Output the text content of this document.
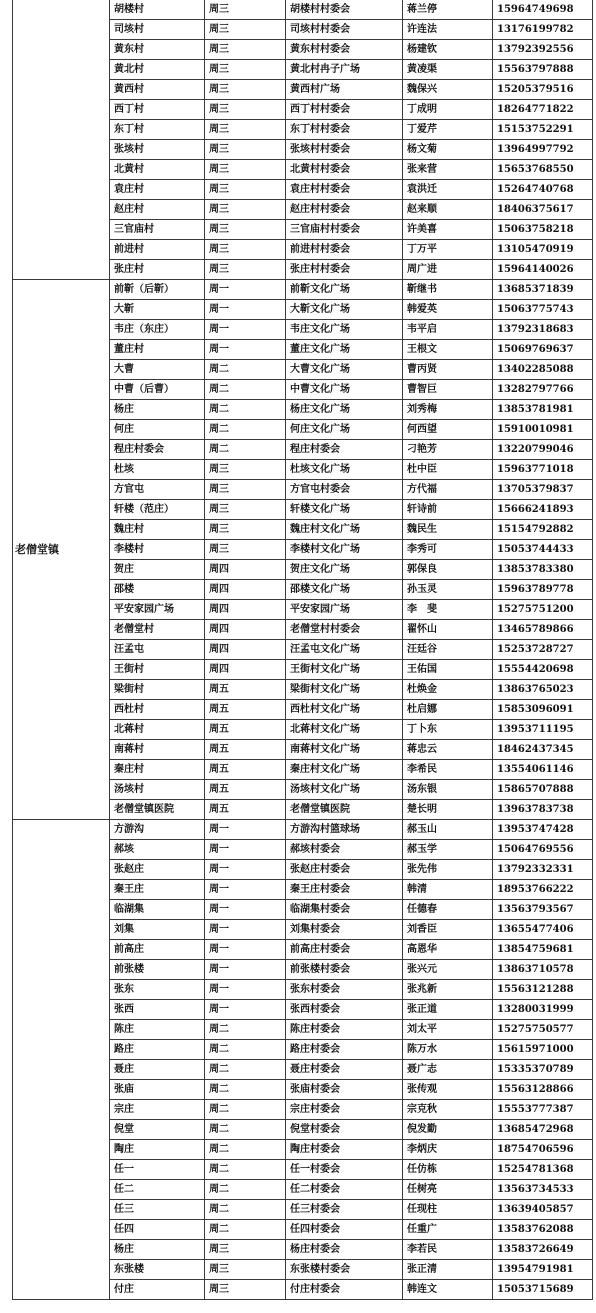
	胡楼村	周三	胡楼村村委会	蒋兰停	15964749698
	司垓村	周三	司垓村村委会	许连法	13176199782
	黄东村	周三	黄东村村委会	杨建钦	13792392556
	黄北村	周三	黄北村冉子广场	黄凌渠	15563797888
	黄西村	周三	黄西村广场	魏保兴	15205379516
	西丁村	周三	西丁村村委会	丁成明	18264771822
	东丁村	周三	东丁村村委会	丁爱芹	15153752291
	张垓村	周三	张垓村村委会	杨文菊	13964997792
	北黄村	周三	北黄村村委会	张来营	15653768550
	袁庄村	周三	袁庄村村委会	袁洪迁	15264740768
	赵庄村	周三	赵庄村村委会	赵来顺	18406375617
	三官庙村	周三	三官庙村村委会	许美喜	15063758218
	前进村	周三	前进村村委会	丁万平	13105470919
	张庄村	周三	张庄村村委会	周广进	15964140026
老僧堂镇	前靳（后靳）	周一	前靳文化广场	靳继书	13685371839
	大靳	周一	大靳文化广场	韩爱英	15063775743
	韦庄（东庄）	周一	韦庄文化广场	韦平启	13792318683
	董庄村	周一	董庄文化广场	王根文	15069769637
	大曹	周二	大曹文化广场	曹丙贤	13402285088
	中曹（后曹）	周二	中曹文化广场	曹智巨	13282797766
	杨庄	周二	杨庄文化广场	刘秀梅	13853781981
	何庄	周二	何庄文化广场	何西望	15910010981
	程庄村委会	周二	程庄村委会	刁艳芳	13220799046
	杜垓	周三	杜垓文化广场	杜中臣	15963771018
	方官屯	周三	方官屯村委会	方代福	13705379837
	轩楼（范庄）	周三	轩楼文化广场	轩诗前	15666241893
	魏庄村	周三	魏庄村文化广场	魏民生	15154792882
	李楼村	周三	李楼村文化广场	李秀可	15053744433
	贺庄	周四	贺庄文化广场	郭保良	13853783380
	邵楼	周四	邵楼文化广场	孙玉灵	15963789778
	平安家园广场	周四	平安家园广场	李　斐	15275751200
	老僧堂村	周四	老僧堂村村委会	翟怀山	13465789866
	汪孟屯	周四	汪孟屯文化广场	汪廷谷	15253728727
	王街村	周四	王街村文化广场	王佑国	15554420698
	梁街村	周五	梁街村文化广场	杜焕金	13863765023
	西杜村	周五	西杜村文化广场	杜启娜	15853096091
	北蒋村	周五	北蒋村文化广场	丁卜东	13953711195
	南蒋村	周五	南蒋村文化广场	蒋忠云	18462437345
	秦庄村	周五	秦庄村文化广场	李希民	13554061146
	汤垓村	周五	汤垓村文化广场	汤东银	15865707888
	老僧堂镇医院	周五	老僧堂镇医院	楚长明	13963783738
	方游沟	周一	方游沟村篮球场	郝玉山	13953747428
	郝垓	周一	郝垓村委会	郝玉学	15064769556
	张赵庄	周一	张赵庄村委会	张先伟	13792332331
	秦王庄	周一	秦王庄村委会	韩清	18953766222
	临湖集	周一	临湖集村委会	任德春	13563793567
	刘集	周一	刘集村委会	刘香臣	13655477406
	前高庄	周一	前高庄村委会	高恩华	13854759681
	前张楼	周一	前张楼村委会	张兴元	13863710578
	张东	周一	张东村委会	张兆新	15563121288
	张西	周一	张西村委会	张正道	13280031999
	陈庄	周二	陈庄村委会	刘太平	15275750577
	路庄	周二	路庄村委会	陈万水	15615971000
	聂庄	周二	聂庄村委会	聂广志	15335370789
	张庙	周二	张庙村委会	张传观	15563128866
	宗庄	周二	宗庄村委会	宗克秋	15553777387
	倪堂	周二	倪堂村委会	倪发勤	13685472968
	陶庄	周二	陶庄村委会	李炳庆	18754706596
	任一	周二	任一村委会	任仿栋	15254781368
	任二	周二	任二村委会	任树亮	13563734533
	任三	周二	任三村委会	任现柱	13639405857
	任四	周二	任四村委会	任重广	13583762088
	杨庄	周三	杨庄村委会	李若民	13583726649
	东张楼	周三	东张楼村委会	张正清	13954791981
	付庄	周三	付庄村委会	韩连文	15053715689
